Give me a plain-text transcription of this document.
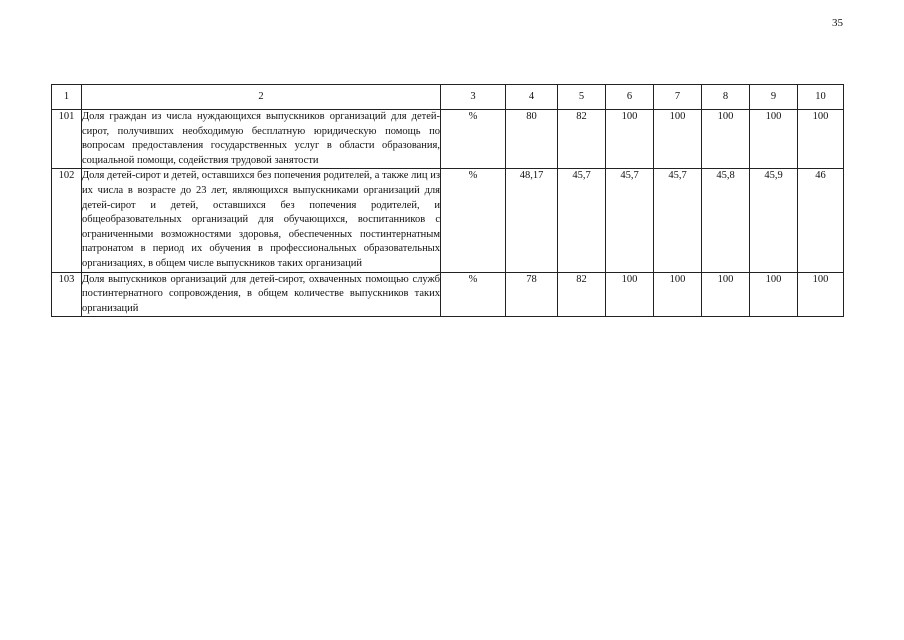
35
1	2	3	4	5	6	7	8	9	10
101	Доля граждан из числа нуждающихся выпускников организаций для детей-сирот, получивших необходимую бесплатную юридическую помощь по вопросам предоставления государственных услуг в области образования, социальной помощи, содействия трудовой занятости	%	80	82	100	100	100	100	100
102	Доля детей-сирот и детей, оставшихся без попечения родителей, а также лиц из их числа в возрасте до 23 лет, являющихся выпускниками организаций для детей-сирот и детей, оставшихся без попечения родителей, и общеобразовательных организаций для обучающихся, воспитанников с ограниченными возможностями здоровья, обеспеченных постинтернатным патронатом в период их обучения в профессиональных образовательных организациях, в общем числе выпускников таких организаций	%	48,17	45,7	45,7	45,7	45,8	45,9	46
103	Доля выпускников организаций для детей-сирот, охваченных помощью служб постинтернатного сопровождения, в общем количестве выпускников таких организаций	%	78	82	100	100	100	100	100
